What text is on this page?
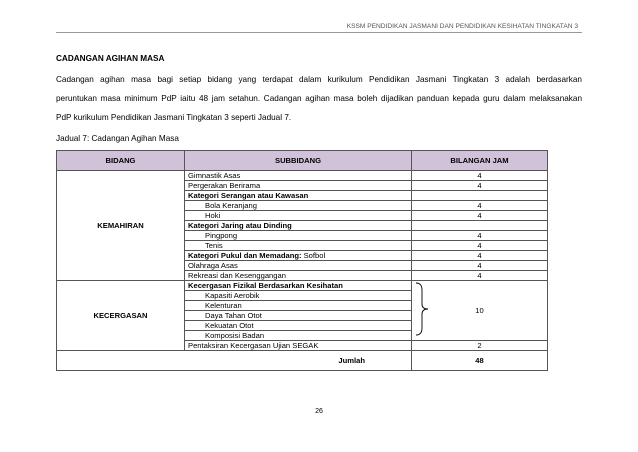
KSSM PENDIDIKAN JASMANI DAN PENDIDIKAN KESIHATAN TINGKATAN 3
CADANGAN AGIHAN MASA
Cadangan agihan masa bagi setiap bidang yang terdapat dalam kurikulum Pendidikan Jasmani Tingkatan 3 adalah berdasarkan
peruntukan masa minimum PdP iaitu 48 jam setahun. Cadangan agihan masa boleh dijadikan panduan kepada guru dalam melaksanakan
PdP kurikulum Pendidikan Jasmani Tingkatan 3 seperti Jadual 7.
Jadual 7: Cadangan Agihan Masa
BIDANG	SUBBIDANG	BILANGAN JAM
KEMAHIRAN	Gimnastik Asas	4
	Pergerakan Berirama	4
	Kategori Serangan atau Kawasan	
	Bola Keranjang	4
	Hoki	4
	Kategori Jaring atau Dinding	
	Pingpong	4
	Tenis	4
	Kategori Pukul dan Memadang: Sofbol	4
	Olahraga Asas	4
	Rekreasi dan Kesenggangan	4
KECERGASAN	Kecergasan Fizikal Berdasarkan Kesihatan	10
	Kapasiti Aerobik	
	Kelenturan	
	Daya Tahan Otot	
	Kekuatan Otot	
	Komposisi Badan	
	Pentaksiran Kecergasan Ujian SEGAK	2
Jumlah		48
26
